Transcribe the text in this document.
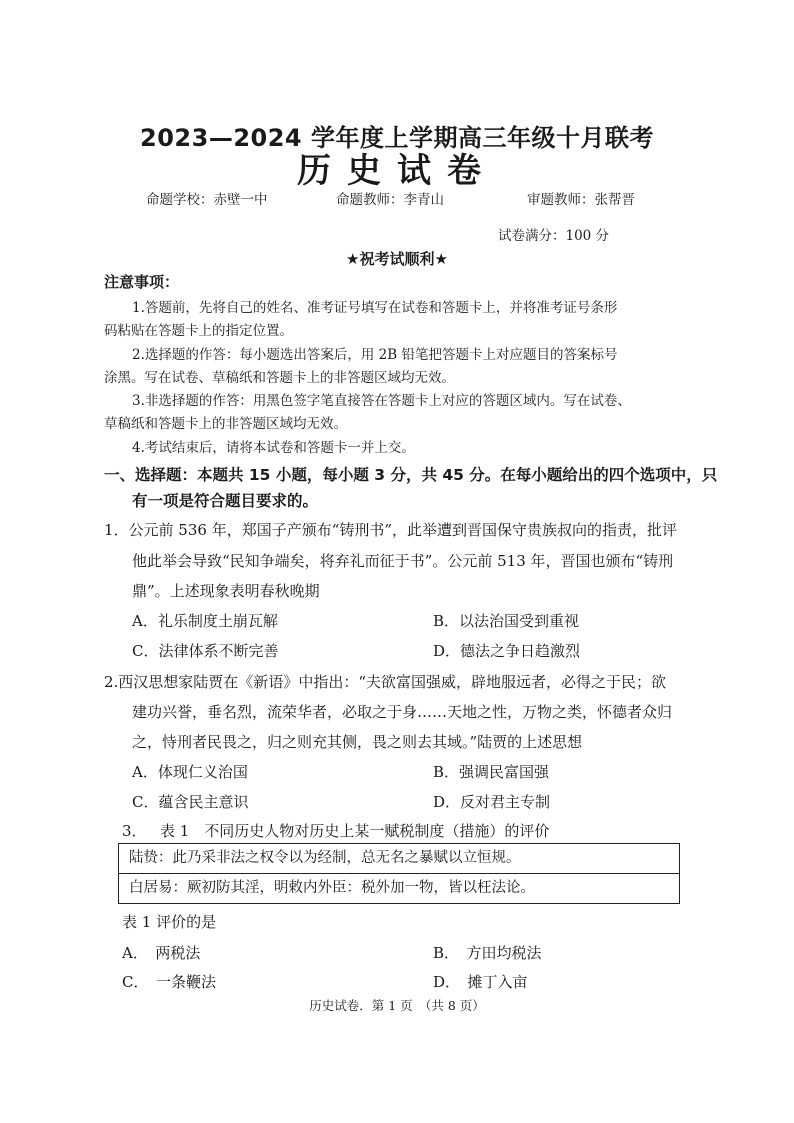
2023—2024 学年度上学期高三年级十月联考
历史试卷
命题学校：赤壁一中	命题教师：李青山	审题教师：张帮晋
试卷满分：100 分
★祝考试顺利★
注意事项：
1.答题前，先将自己的姓名、准考证号填写在试卷和答题卡上，并将准考证号条形
码粘贴在答题卡上的指定位置。
2.选择题的作答：每小题选出答案后，用 2B 铅笔把答题卡上对应题目的答案标号
涂黑。写在试卷、草稿纸和答题卡上的非答题区域均无效。
3.非选择题的作答：用黑色签字笔直接答在答题卡上对应的答题区域内。写在试卷、
草稿纸和答题卡上的非答题区域均无效。
4.考试结束后，请将本试卷和答题卡一并上交。
一、选择题：本题共 15 小题，每小题 3 分，共 45 分。在每小题给出的四个选项中，只
有一项是符合题目要求的。
1．公元前 536 年，郑国子产颁布“铸刑书”，此举遭到晋国保守贵族叔向的指责，批评
他此举会导致“民知争端矣，将弃礼而征于书”。公元前 513 年，晋国也颁布“铸刑
鼎”。上述现象表明春秋晚期
A．礼乐制度土崩瓦解	B．以法治国受到重视
C．法律体系不断完善	D．德法之争日趋激烈
2.西汉思想家陆贾在《新语》中指出：“夫欲富国强威，辟地服远者，必得之于民；欲
建功兴誉，垂名烈，流荣华者，必取之于身……天地之性，万物之类，怀德者众归
之，恃刑者民畏之，归之则充其侧，畏之则去其域。”陆贾的上述思想
A．体现仁义治国	B．强调民富国强
C．蕴含民主意识	D．反对君主专制
3． 表 1　不同历史人物对历史上某一赋税制度（措施）的评价
陆贽：此乃采非法之权令以为经制，总无名之暴赋以立恒规。
白居易：厥初防其淫，明敕内外臣：税外加一物，皆以枉法论。
表 1 评价的是
A．　两税法	B．　方田均税法
C．　一条鞭法	D．　摊丁入亩
历史试卷．第 1 页　（共 8 页）
